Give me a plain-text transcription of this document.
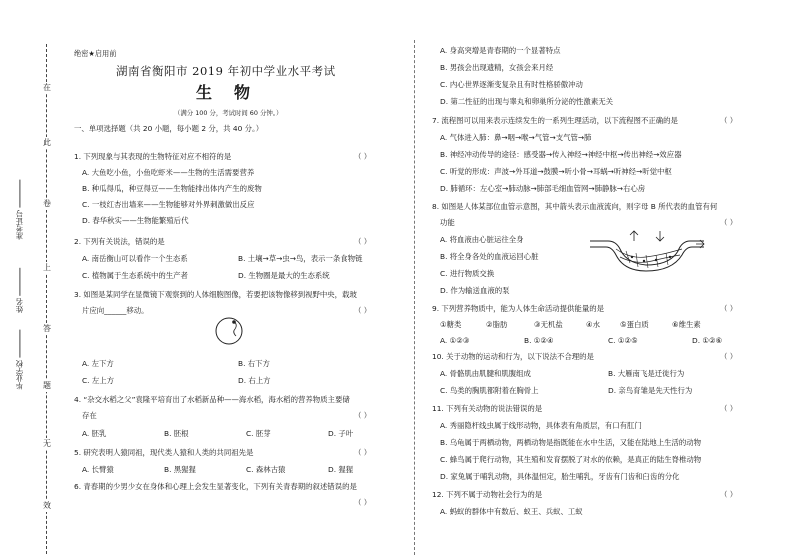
在
此
卷
上
答
题
无
效
准考证号
姓名
毕业学校
绝密★启用前
湖南省衡阳市 2019 年初中学业水平考试
生物
（满分 100 分，考试时间 60 分钟。）
一、单项选择题（共 20 小题，每小题 2 分，共 40 分。）
1. 下列现象与其表现的生物特征对应不相符的是	（ ）
A. 大鱼吃小鱼，小鱼吃虾米——生物的生活需要营养
B. 种瓜得瓜，种豆得豆——生物能排出体内产生的废物
C. 一枝红杏出墙来——生物能够对外界刺激做出反应
D. 春华秋实——生物能繁殖后代
2. 下列有关说法，错误的是	（ ）
A. 南岳衡山可以看作一个生态系	B. 土壤→草→虫→鸟，表示一条食物链
C. 植物属于生态系统中的生产者	D. 生物圈是最大的生态系统
3. 如图是某同学在显微镜下观察到的人体细胞图像，若要把该物像移到视野中央，载玻
片应向______移动。	（ ）
A. 左下方	B. 右下方
C. 左上方	D. 右上方
4. “杂交水稻之父”袁隆平培育出了水稻新品种——海水稻，海水稻的营养物质主要储
存在	（ ）
A. 胚乳	B. 胚根	C. 胚芽	D. 子叶
5. 研究表明人猿同祖，现代类人猿和人类的共同祖先是	（ ）
A. 长臂猿	B. 黑猩猩	C. 森林古猿	D. 猩猩
6. 青春期的少男少女在身体和心理上会发生显著变化，下列有关青春期的叙述错误的是
（ ）
A. 身高突增是青春期的一个显著特点
B. 男孩会出现遗精，女孩会来月经
C. 内心世界逐渐变复杂且有时性格骄傲冲动
D. 第二性征的出现与睾丸和卵巢所分泌的性激素无关
7. 流程图可以用来表示连续发生的一系列生理活动，以下流程图不正确的是	（ ）
A. 气体进入肺：鼻→咽→喉→气管→支气管→肺
B. 神经冲动传导的途径：感受器→传入神经→神经中枢→传出神经→效应器
C. 听觉的形成：声波→外耳道→鼓膜→听小骨→耳蜗→听神经→听觉中枢
D. 肺循环：左心室→肺动脉→肺部毛细血管网→肺静脉→右心房
8. 如图是人体某部位血管示意图，其中箭头表示血液流向，则字母 B 所代表的血管有何
功能	（ ）
A. 将血液由心脏运往全身
B. 将全身各处的血液运回心脏
C. 进行物质交换
D. 作为输送血液的泵
9. 下列营养物质中，能为人体生命活动提供能量的是	（ ）
①糖类	②脂肪	③无机盐	④水	⑤蛋白质	⑥维生素
A. ①②③	B. ①②④	C. ①②⑤	D. ①②⑥
10. 关于动物的运动和行为，以下说法不合理的是	（ ）
A. 骨骼肌由肌腱和肌腹组成	B. 大雁南飞是迁徙行为
C. 鸟类的胸肌都附着在胸骨上	D. 亲鸟育雏是先天性行为
11. 下列有关动物的说法错误的是	（ ）
A. 秀丽隐杆线虫属于线形动物，具体表有角质层，有口有肛门
B. 乌龟属于两栖动物，两栖动物是指既能在水中生活，又能在陆地上生活的动物
C. 蜂鸟属于爬行动物，其生殖和发育摆脱了对水的依赖，是真正的陆生脊椎动物
D. 家兔属于哺乳动物，具体温恒定，胎生哺乳，牙齿有门齿和臼齿的分化
12. 下列不属于动物社会行为的是	（ ）
A. 蚂蚁的群体中有数后、蚁王、兵蚁、工蚁
